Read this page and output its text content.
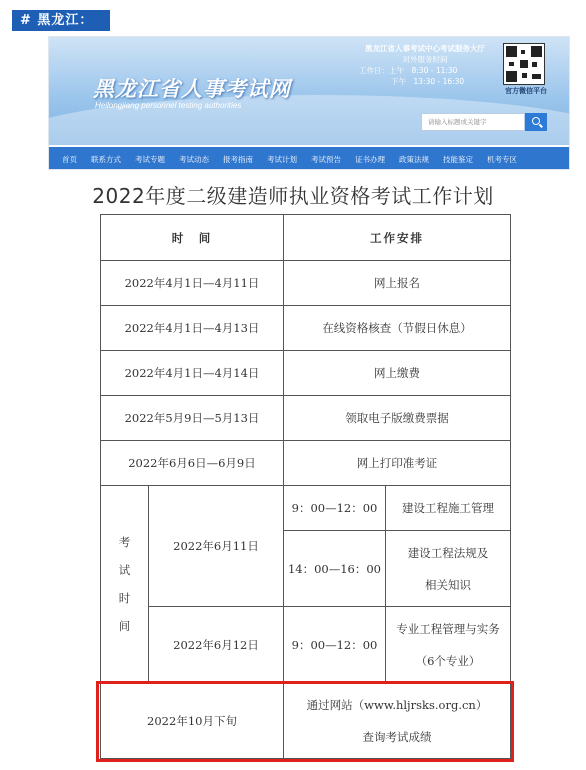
# 黑龙江：
黑龙江省人事考试网
Heilongjiang personnel testing authorities
黑龙江省人事考试中心考试服务大厅
对外服务时间
工作日：上午　8:30 - 11:30
下午　13:30 - 16:30
官方微信平台
请输入标题或关键字
首页	联系方式	考试专题	考试动态	报考指南	考试计划	考试预告	证书办理	政策法规	技能鉴定	机考专区
2022年度二级建造师执业资格考试工作计划
时　间		工作安排	
2022年4月1日—4月11日		网上报名	
2022年4月1日—4月13日		在线资格核查（节假日休息）	
2022年4月1日—4月14日		网上缴费	
2022年5月9日—5月13日		领取电子版缴费票据	
2022年6月6日—6月9日		网上打印准考证	

考
试
时
间	2022年6月11日	9：00—12：00	建设工程施工管理
		14：00—16：00	建设工程法规及
相关知识

	2022年6月12日	9：00—12：00	专业工程管理与实务
（6个专业）

2022年10月下旬		通过网站（www.hljrsks.org.cn）
查询考试成绩	
